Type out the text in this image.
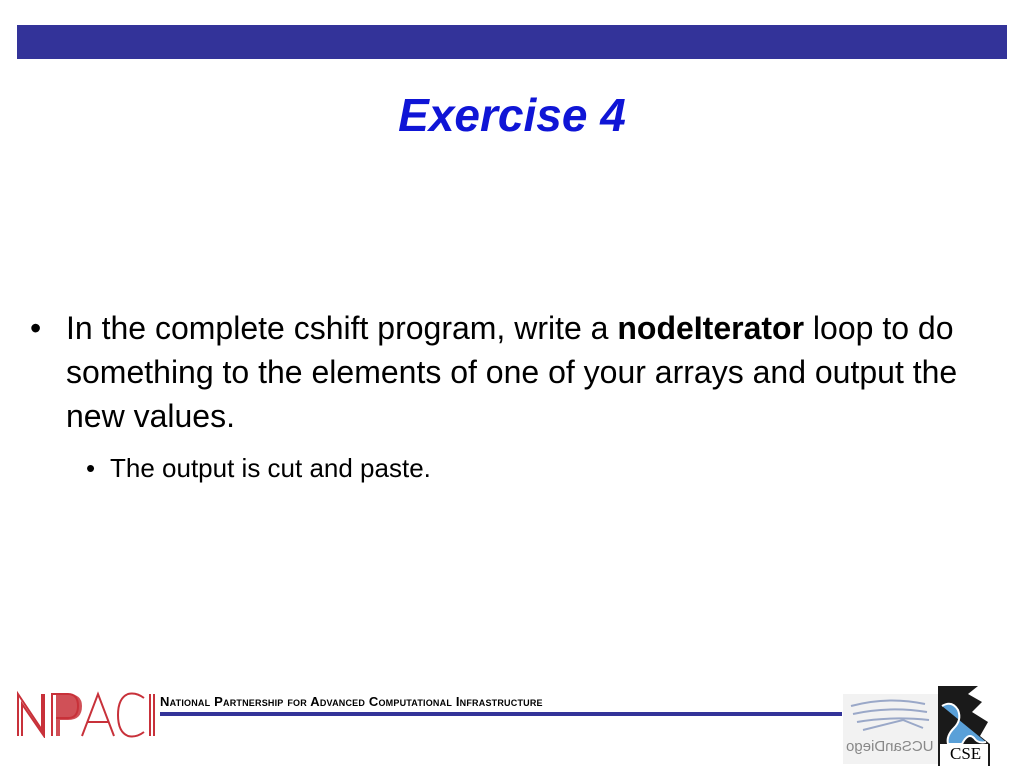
Exercise 4
• In the complete cshift program, write a nodeIterator loop to do something to the elements of one of your arrays and output the new values.
• The output is cut and paste.
National Partnership for Advanced Computational Infrastructure
UCSanDiego CSE
